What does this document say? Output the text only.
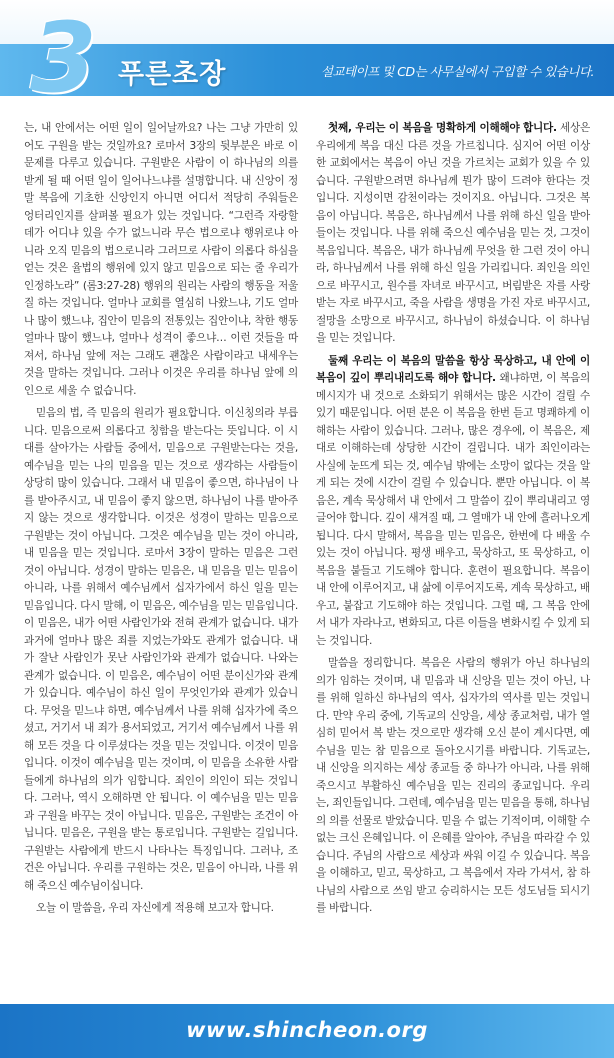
3 푸른초장	설교테이프 및 CD는 사무실에서 구입할 수 있습니다.

는, 내 안에서는 어떤 일이 일어날까요? 나는 그냥 가만히 있어도 구원을 받는 것일까요? 로마서 3장의 뒷부분은 바로 이 문제를 다루고 있습니다. 구원받은 사람이 이 하나님의 의를 받게 될 때 어떤 일이 일어나느냐를 설명합니다. 내 신앙이 정말 복음에 기초한 신앙인지 아니면 어디서 적당히 주워들은 엉터리인지를 살펴볼 필요가 있는 것입니다. “그런즉 자랑할 데가 어디냐 있을 수가 없느니라 무슨 법으로냐 행위로냐 아니라 오직 믿음의 법으로니라 그러므로 사람이 의롭다 하심을 얻는 것은 율법의 행위에 있지 않고 믿음으로 되는 줄 우리가 인정하노라” (롬3:27-28) 행위의 원리는 사람의 행동을 저울질 하는 것입니다. 얼마나 교회를 열심히 나왔느냐, 기도 얼마나 많이 했느냐, 집안이 믿음의 전통있는 집안이냐, 착한 행동 얼마나 많이 했느냐, 얼마나 성격이 좋으냐… 이런 것들을 따져서, 하나님 앞에 저는 그래도 괜찮은 사람이라고 내세우는 것을 말하는 것입니다. 그러나 이것은 우리를 하나님 앞에 의인으로 세울 수 없습니다.

믿음의 법, 즉 믿음의 원리가 필요합니다. 이신칭의라 부릅니다. 믿음으로써 의롭다고 칭함을 받는다는 뜻입니다. 이 시대를 살아가는 사람들 중에서, 믿음으로 구원받는다는 것을, 예수님을 믿는 나의 믿음을 믿는 것으로 생각하는 사람들이 상당히 많이 있습니다. 그래서 내 믿음이 좋으면, 하나님이 나를 받아주시고, 내 믿음이 좋지 않으면, 하나님이 나를 받아주지 않는 것으로 생각합니다. 이것은 성경이 말하는 믿음으로 구원받는 것이 아닙니다. 그것은 예수님을 믿는 것이 아니라, 내 믿음을 믿는 것입니다. 로마서 3장이 말하는 믿음은 그런 것이 아닙니다. 성경이 말하는 믿음은, 내 믿음을 믿는 믿음이 아니라, 나를 위해서 예수님께서 십자가에서 하신 일을 믿는 믿음입니다. 다시 말해, 이 믿음은, 예수님을 믿는 믿음입니다. 이 믿음은, 내가 어떤 사람인가와 전혀 관계가 없습니다. 내가 과거에 얼마나 많은 죄를 지었는가와도 관계가 없습니다. 내가 잘난 사람인가 못난 사람인가와 관계가 없습니다. 나와는 관계가 없습니다. 이 믿음은, 예수님이 어떤 분이신가와 관계가 있습니다. 예수님이 하신 일이 무엇인가와 관계가 있습니다. 무엇을 믿느냐 하면, 예수님께서 나를 위해 십자가에 죽으셨고, 거기서 내 죄가 용서되었고, 거기서 예수님께서 나를 위해 모든 것을 다 이루셨다는 것을 믿는 것입니다. 이것이 믿음입니다. 이것이 예수님을 믿는 것이며, 이 믿음을 소유한 사람들에게 하나님의 의가 임합니다. 죄인이 의인이 되는 것입니다. 그러나, 역시 오해하면 안 됩니다. 이 예수님을 믿는 믿음과 구원을 바꾸는 것이 아닙니다. 믿음은, 구원받는 조건이 아닙니다. 믿음은, 구원을 받는 통로입니다. 구원받는 길입니다. 구원받는 사람에게 반드시 나타나는 특징입니다. 그러나, 조건은 아닙니다. 우리를 구원하는 것은, 믿음이 아니라, 나를 위해 죽으신 예수님이십니다.

오늘 이 말씀을, 우리 자신에게 적용해 보고자 합니다.

첫째, 우리는 이 복음을 명확하게 이해해야 합니다. 세상은 우리에게 복음 대신 다른 것을 가르칩니다. 심지어 어떤 이상한 교회에서는 복음이 아닌 것을 가르치는 교회가 있을 수 있습니다. 구원받으려면 하나님께 뭔가 많이 드려야 한다는 것입니다. 지성이면 감천이라는 것이지요. 아닙니다. 그것은 복음이 아닙니다. 복음은, 하나님께서 나를 위해 하신 일을 받아들이는 것입니다. 나를 위해 죽으신 예수님을 믿는 것, 그것이 복음입니다. 복음은, 내가 하나님께 무엇을 한 그런 것이 아니라, 하나님께서 나를 위해 하신 일을 가리킵니다. 죄인을 의인으로 바꾸시고, 원수를 자녀로 바꾸시고, 버림받은 자를 사랑받는 자로 바꾸시고, 죽을 사람을 생명을 가진 자로 바꾸시고, 절망을 소망으로 바꾸시고, 하나님이 하셨습니다. 이 하나님을 믿는 것입니다.

둘째 우리는 이 복음의 말씀을 항상 묵상하고, 내 안에 이 복음이 깊이 뿌리내리도록 해야 합니다. 왜냐하면, 이 복음의 메시지가 내 것으로 소화되기 위해서는 많은 시간이 걸릴 수 있기 때문입니다. 어떤 분은 이 복음을 한번 듣고 명쾌하게 이해하는 사람이 있습니다. 그러나, 많은 경우에, 이 복음은, 제대로 이해하는데 상당한 시간이 걸립니다. 내가 죄인이라는 사실에 눈뜨게 되는 것, 예수님 밖에는 소망이 없다는 것을 알게 되는 것에 시간이 걸릴 수 있습니다. 뿐만 아닙니다. 이 복음은, 계속 묵상해서 내 안에서 그 말씀이 깊이 뿌리내리고 영글어야 합니다. 깊이 새겨질 때, 그 열매가 내 안에 흘러나오게 됩니다. 다시 말해서, 복음을 믿는 믿음은, 한번에 다 배울 수 있는 것이 아닙니다. 평생 배우고, 묵상하고, 또 묵상하고, 이 복음을 붙들고 기도해야 합니다. 훈련이 필요합니다. 복음이 내 안에 이루어지고, 내 삶에 이루어지도록, 계속 묵상하고, 배우고, 붙잡고 기도해야 하는 것입니다. 그럴 때, 그 복음 안에서 내가 자라나고, 변화되고, 다른 이들을 변화시킬 수 있게 되는 것입니다.

말씀을 정리합니다. 복음은 사람의 행위가 아닌 하나님의 의가 임하는 것이며, 내 믿음과 내 신앙을 믿는 것이 아닌, 나를 위해 일하신 하나님의 역사, 십자가의 역사를 믿는 것입니다. 만약 우리 중에, 기독교의 신앙을, 세상 종교처럼, 내가 열심히 믿어서 복 받는 것으로만 생각해 오신 분이 계시다면, 예수님을 믿는 참 믿음으로 돌아오시기를 바랍니다. 기독교는, 내 신앙을 의지하는 세상 종교들 중 하나가 아니라, 나를 위해 죽으시고 부활하신 예수님을 믿는 진리의 종교입니다. 우리는, 죄인들입니다. 그런데, 예수님을 믿는 믿음을 통해, 하나님의 의를 선물로 받았습니다. 믿을 수 없는 기적이며, 이해할 수 없는 크신 은혜입니다. 이 은혜를 알아야, 주님을 따라갈 수 있습니다. 주님의 사람으로 세상과 싸워 이길 수 있습니다. 복음을 이해하고, 믿고, 묵상하고, 그 복음에서 자라 가셔서, 참 하나님의 사람으로 쓰임 받고 승리하시는 모든 성도님들 되시기를 바랍니다.

www.shincheon.org
